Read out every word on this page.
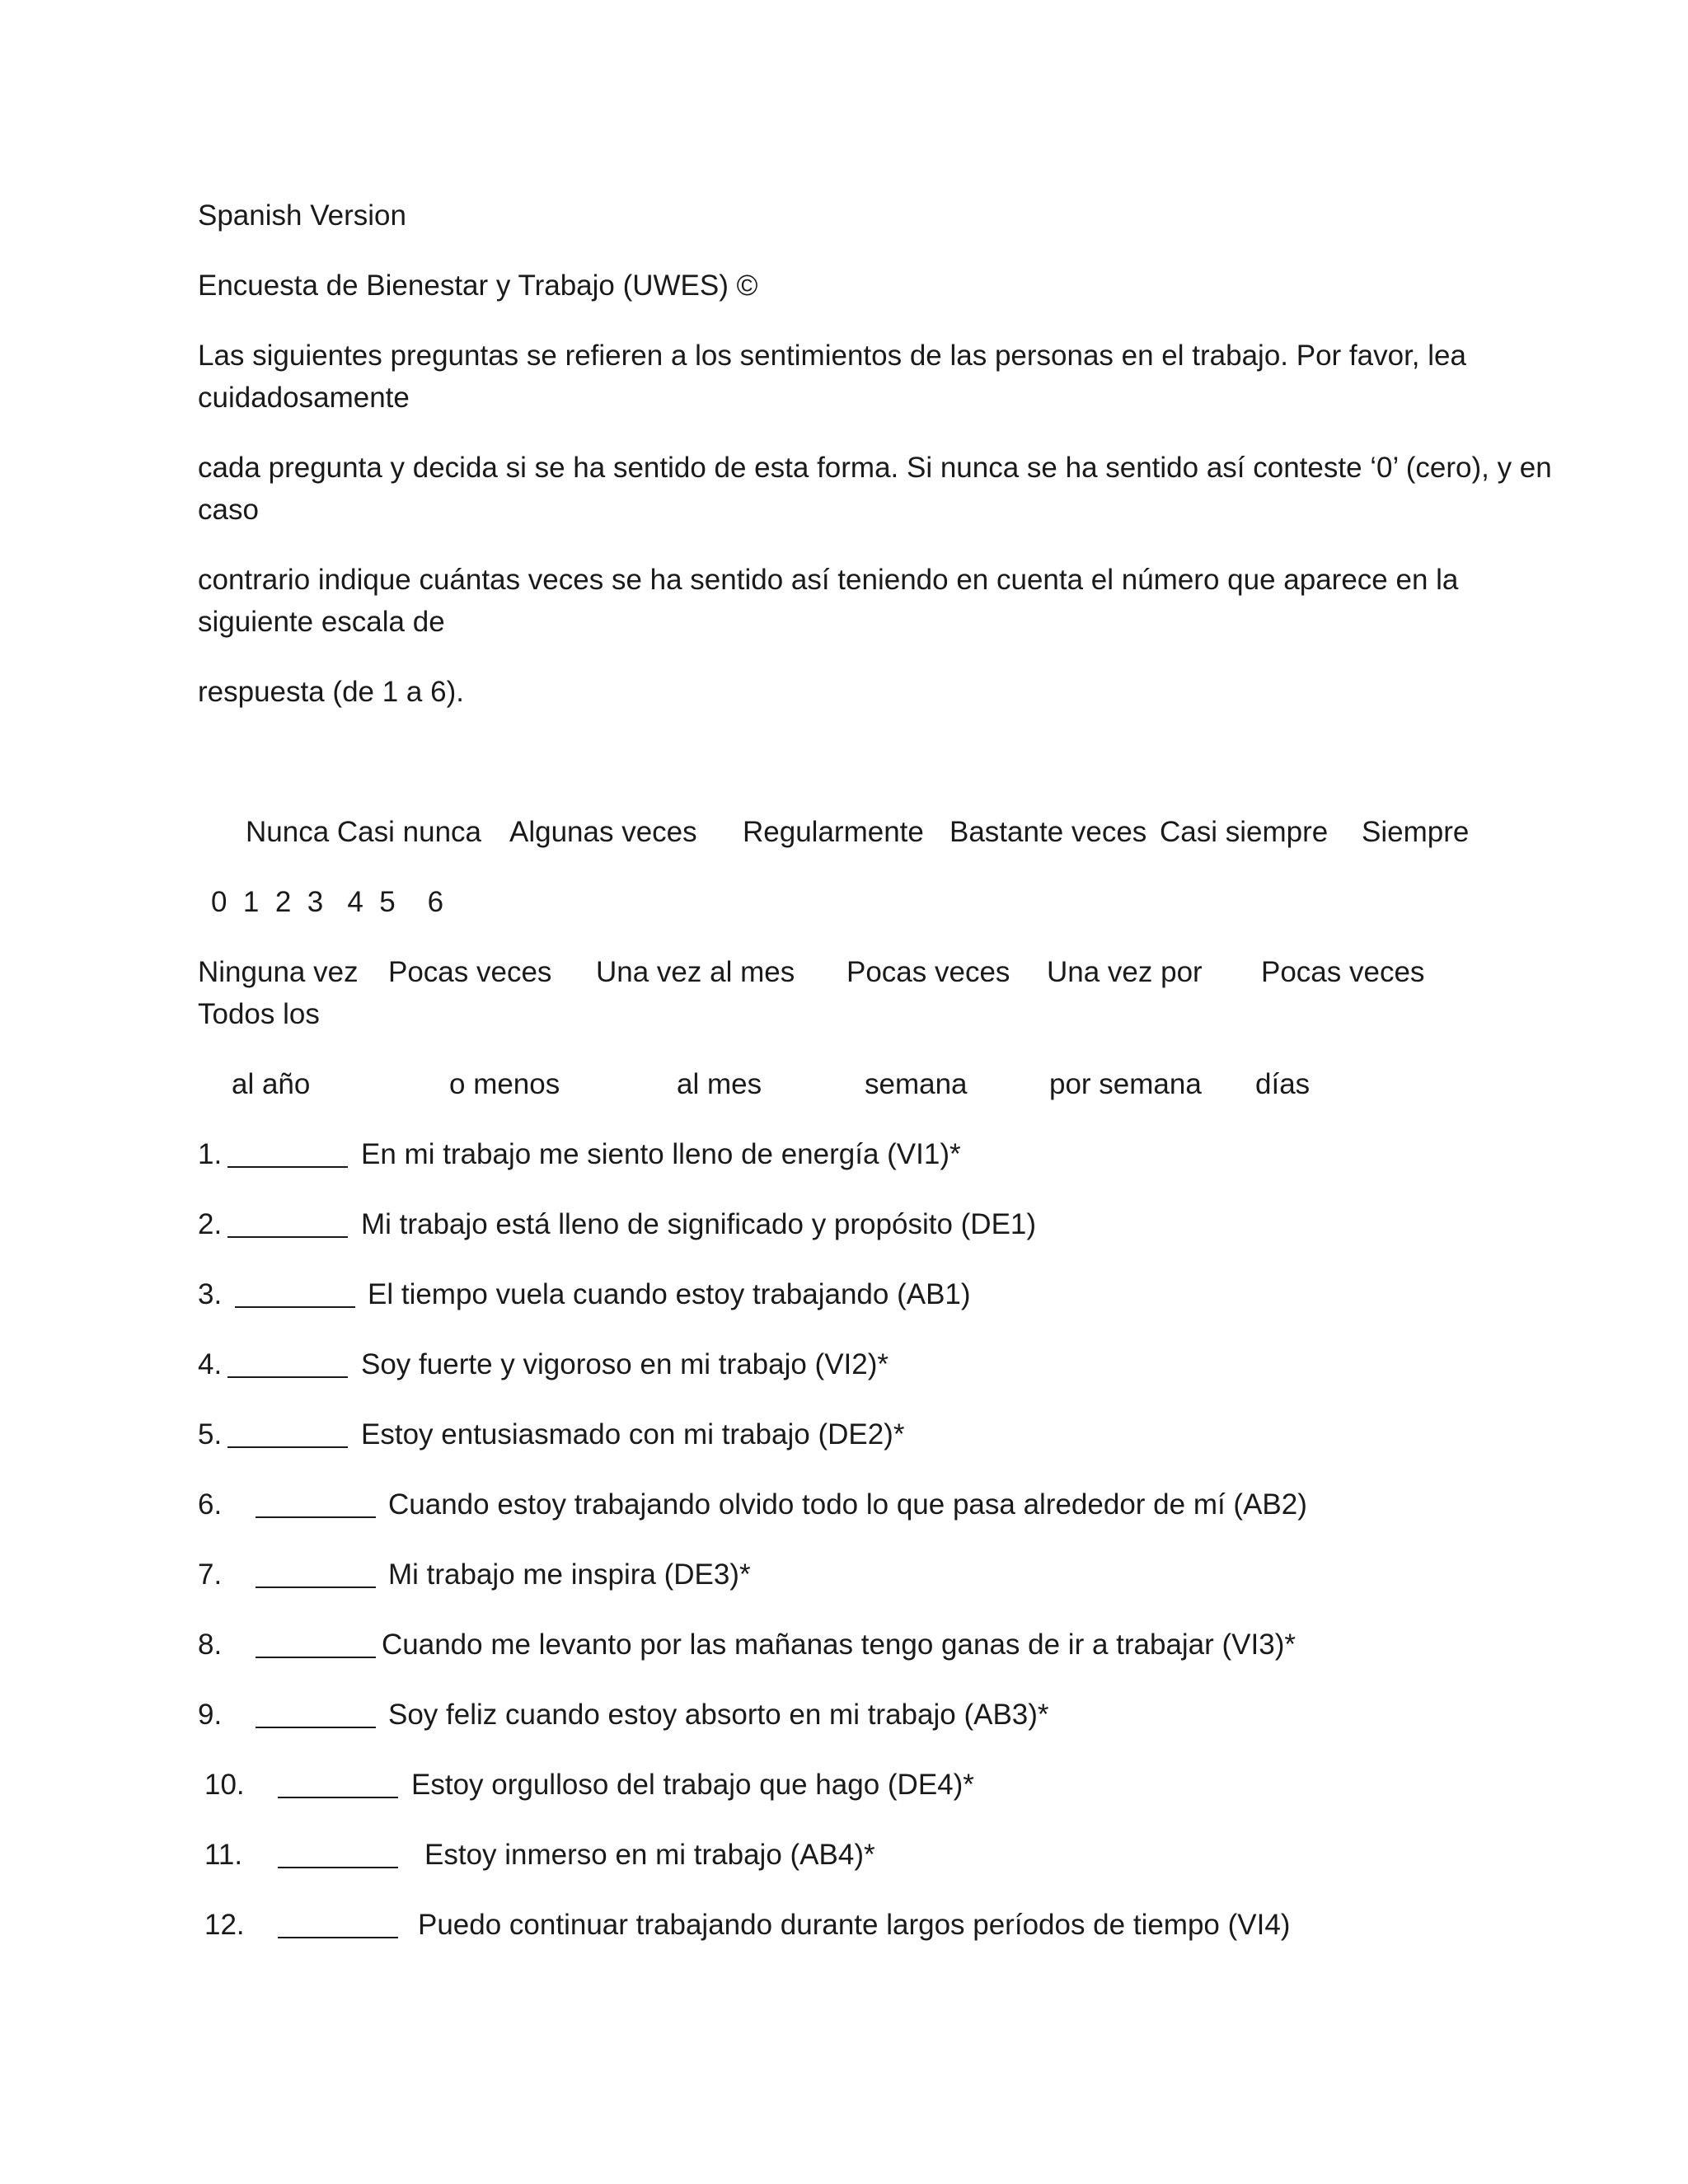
Spanish Version
Encuesta de Bienestar y Trabajo (UWES) ©
Las siguientes preguntas se refieren a los sentimientos de las personas en el trabajo. Por favor, lea
cuidadosamente
cada pregunta y decida si se ha sentido de esta forma. Si nunca se ha sentido así conteste ‘0’ (cero), y en
caso
contrario indique cuántas veces se ha sentido así teniendo en cuenta el número que aparece en la
siguiente escala de
respuesta (de 1 a 6).
Nunca Casi nunca Algunas veces Regularmente Bastante veces Casi siempre Siempre
0  1  2  3   4  5    6
Ninguna vez Pocas veces Una vez al mes Pocas veces Una vez por Pocas veces
Todos los
al año	o menos	al mes	semana	por semana días

1.

	En mi trabajo me siento lleno de energía (VI1)*

2.

	Mi trabajo está lleno de significado y propósito (DE1)

3.

	El tiempo vuela cuando estoy trabajando (AB1)

4.

	Soy fuerte y vigoroso en mi trabajo (VI2)*

5.

	Estoy entusiasmado con mi trabajo (DE2)*

6.

	Cuando estoy trabajando olvido todo lo que pasa alrededor de mí (AB2)

7.

	Mi trabajo me inspira (DE3)*

8.

	Cuando me levanto por las mañanas tengo ganas de ir a trabajar (VI3)*

9.

	Soy feliz cuando estoy absorto en mi trabajo (AB3)*

10.

	Estoy orgulloso del trabajo que hago (DE4)*

11.

	Estoy inmerso en mi trabajo (AB4)*

12.

	Puedo continuar trabajando durante largos períodos de tiempo (VI4)
